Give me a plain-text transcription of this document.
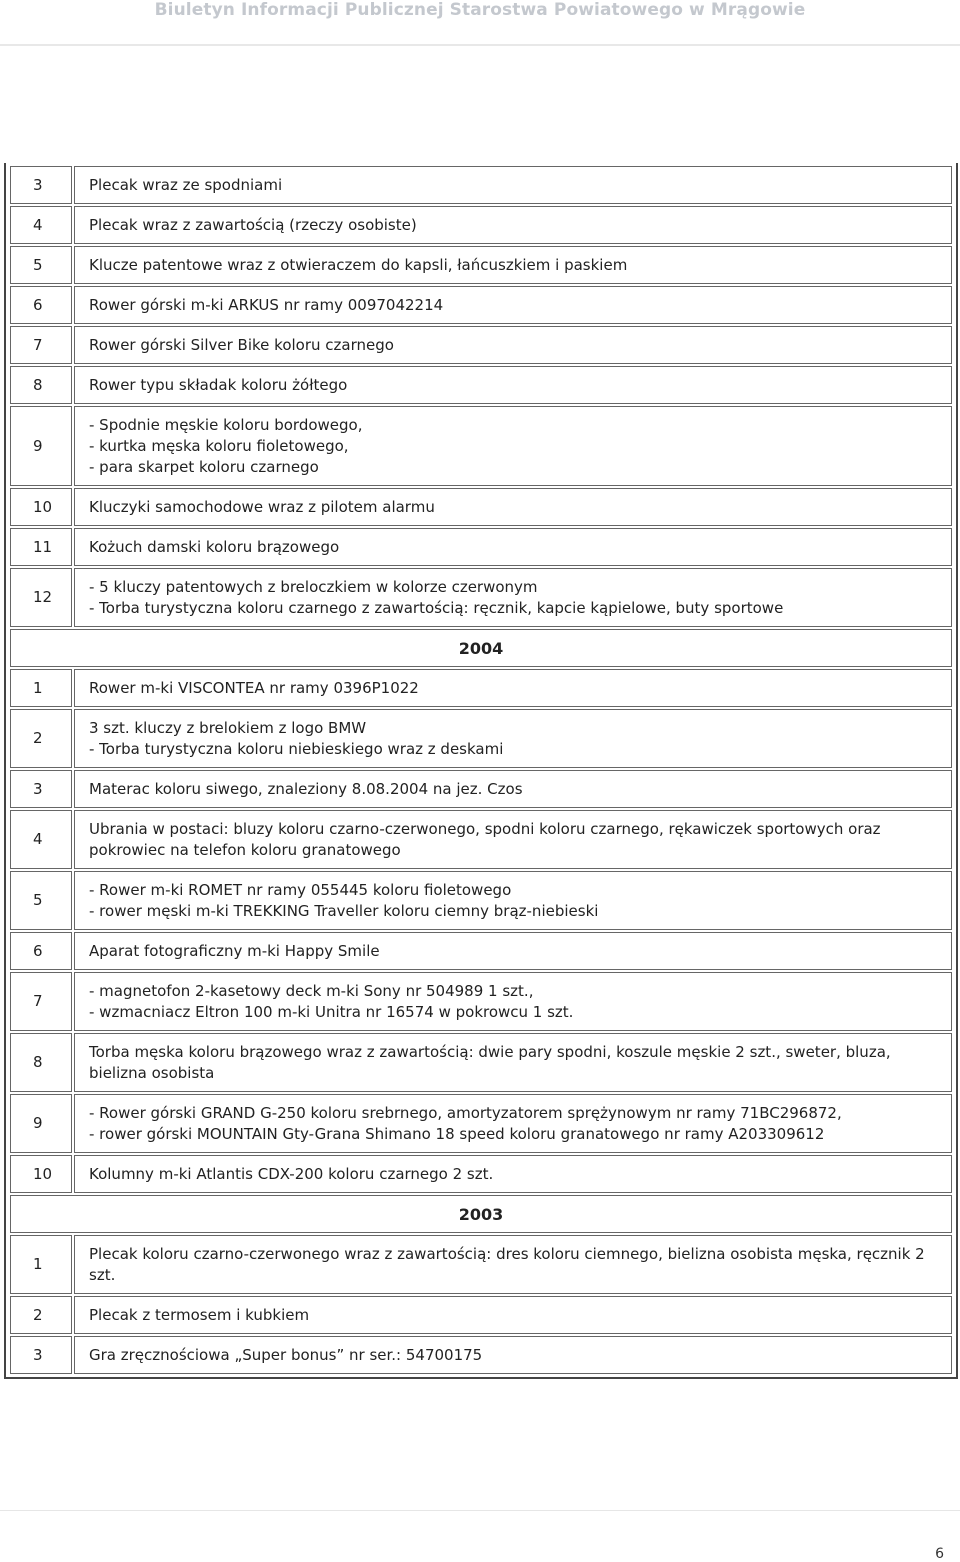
Biuletyn Informacji Publicznej Starostwa Powiatowego w Mrągowie
3	Plecak wraz ze spodniami
4	Plecak wraz z zawartością (rzeczy osobiste)
5	Klucze patentowe wraz z otwieraczem do kapsli, łańcuszkiem i paskiem
6	Rower górski m-ki ARKUS nr ramy 0097042214
7	Rower górski Silver Bike koloru czarnego
8	Rower typu składak koloru żółtego
9	- Spodnie męskie koloru bordowego,
- kurtka męska koloru fioletowego,
- para skarpet koloru czarnego
10	Kluczyki samochodowe wraz z pilotem alarmu
11	Kożuch damski koloru brązowego
12	- 5 kluczy patentowych z breloczkiem w kolorze czerwonym
- Torba turystyczna koloru czarnego z zawartością: ręcznik, kapcie kąpielowe, buty sportowe
2004	
1	Rower m-ki VISCONTEA nr ramy 0396P1022
2	3 szt. kluczy z brelokiem z logo BMW
- Torba turystyczna koloru niebieskiego wraz z deskami
3	Materac koloru siwego, znaleziony 8.08.2004 na jez. Czos
4	Ubrania w postaci: bluzy koloru czarno-czerwonego, spodni koloru czarnego, rękawiczek sportowych oraz pokrowiec na telefon koloru granatowego
5	- Rower m-ki ROMET nr ramy 055445 koloru fioletowego
- rower męski m-ki TREKKING Traveller koloru ciemny brąz-niebieski
6	Aparat fotograficzny m-ki Happy Smile
7	- magnetofon 2-kasetowy deck m-ki Sony nr 504989 1 szt.,
- wzmacniacz Eltron 100 m-ki Unitra nr 16574 w pokrowcu 1 szt.
8	Torba męska koloru brązowego wraz z zawartością: dwie pary spodni, koszule męskie 2 szt., sweter, bluza, bielizna osobista
9	- Rower górski GRAND G-250 koloru srebrnego, amortyzatorem sprężynowym nr ramy 71BC296872,
- rower górski MOUNTAIN Gty-Grana Shimano 18 speed koloru granatowego nr ramy A203309612
10	Kolumny m-ki Atlantis CDX-200 koloru czarnego 2 szt.
2003	
1	Plecak koloru czarno-czerwonego wraz z zawartością: dres koloru ciemnego, bielizna osobista męska, ręcznik 2 szt.
2	Plecak z termosem i kubkiem
3	Gra zręcznościowa „Super bonus” nr ser.: 54700175
6
